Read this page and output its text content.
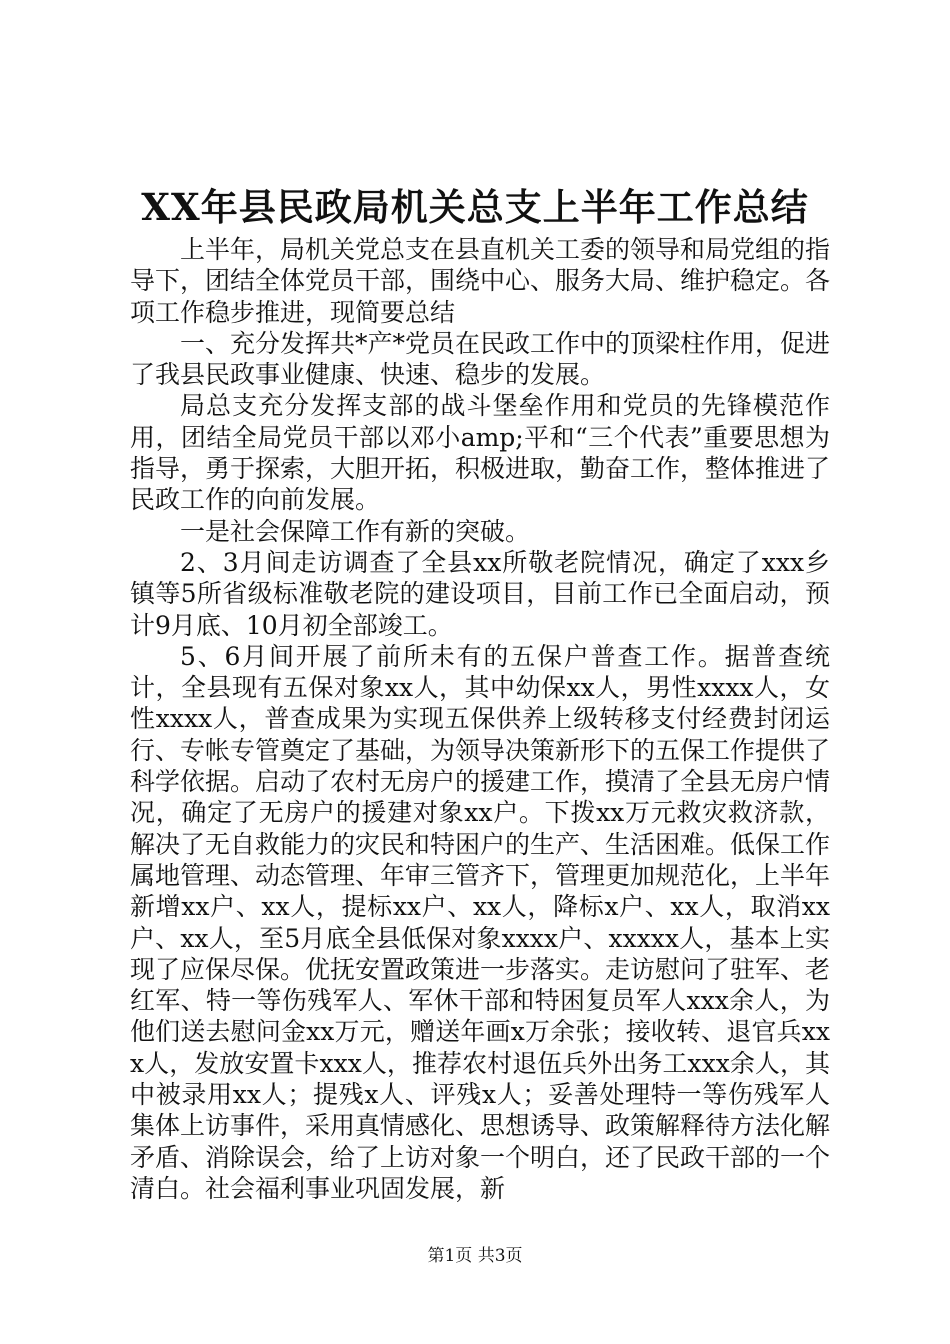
XX年县民政局机关总支上半年工作总结

上半年，局机关党总支在县直机关工委的领导和局党组的指导下，团结全体党员干部，围绕中心、服务大局、维护稳定。各项工作稳步推进，现简要总结

一、充分发挥共*产*党员在民政工作中的顶梁柱作用，促进了我县民政事业健康、快速、稳步的发展。

局总支充分发挥支部的战斗堡垒作用和党员的先锋模范作用，团结全局党员干部以邓小amp;平和“三个代表”重要思想为指导，勇于探索，大胆开拓，积极进取，勤奋工作，整体推进了民政工作的向前发展。

一是社会保障工作有新的突破。

2、3月间走访调查了全县xx所敬老院情况，确定了xxx乡镇等5所省级标准敬老院的建设项目，目前工作已全面启动，预计9月底、10月初全部竣工。

5、6月间开展了前所未有的五保户普查工作。据普查统计，全县现有五保对象xx人，其中幼保xx人，男性xxxx人，女性xxxx人，普查成果为实现五保供养上级转移支付经费封闭运行、专帐专管奠定了基础，为领导决策新形下的五保工作提供了科学依据。启动了农村无房户的援建工作，摸清了全县无房户情况，确定了无房户的援建对象xx户。下拨xx万元救灾救济款，解决了无自救能力的灾民和特困户的生产、生活困难。低保工作属地管理、动态管理、年审三管齐下，管理更加规范化，上半年新增xx户、xx人，提标xx户、xx人，降标x户、xx人，取消xx户、xx人，至5月底全县低保对象xxxx户、xxxxx人，基本上实现了应保尽保。优抚安置政策进一步落实。走访慰问了驻军、老红军、特一等伤残军人、军休干部和特困复员军人xxx余人，为他们送去慰问金xx万元，赠送年画x万余张；接收转、退官兵xxx人，发放安置卡xxx人，推荐农村退伍兵外出务工xxx余人，其中被录用xx人；提残x人、评残x人；妥善处理特一等伤残军人集体上访事件，采用真情感化、思想诱导、政策解释待方法化解矛盾、消除误会，给了上访对象一个明白，还了民政干部的一个清白。社会福利事业巩固发展，新

第1页 共3页
